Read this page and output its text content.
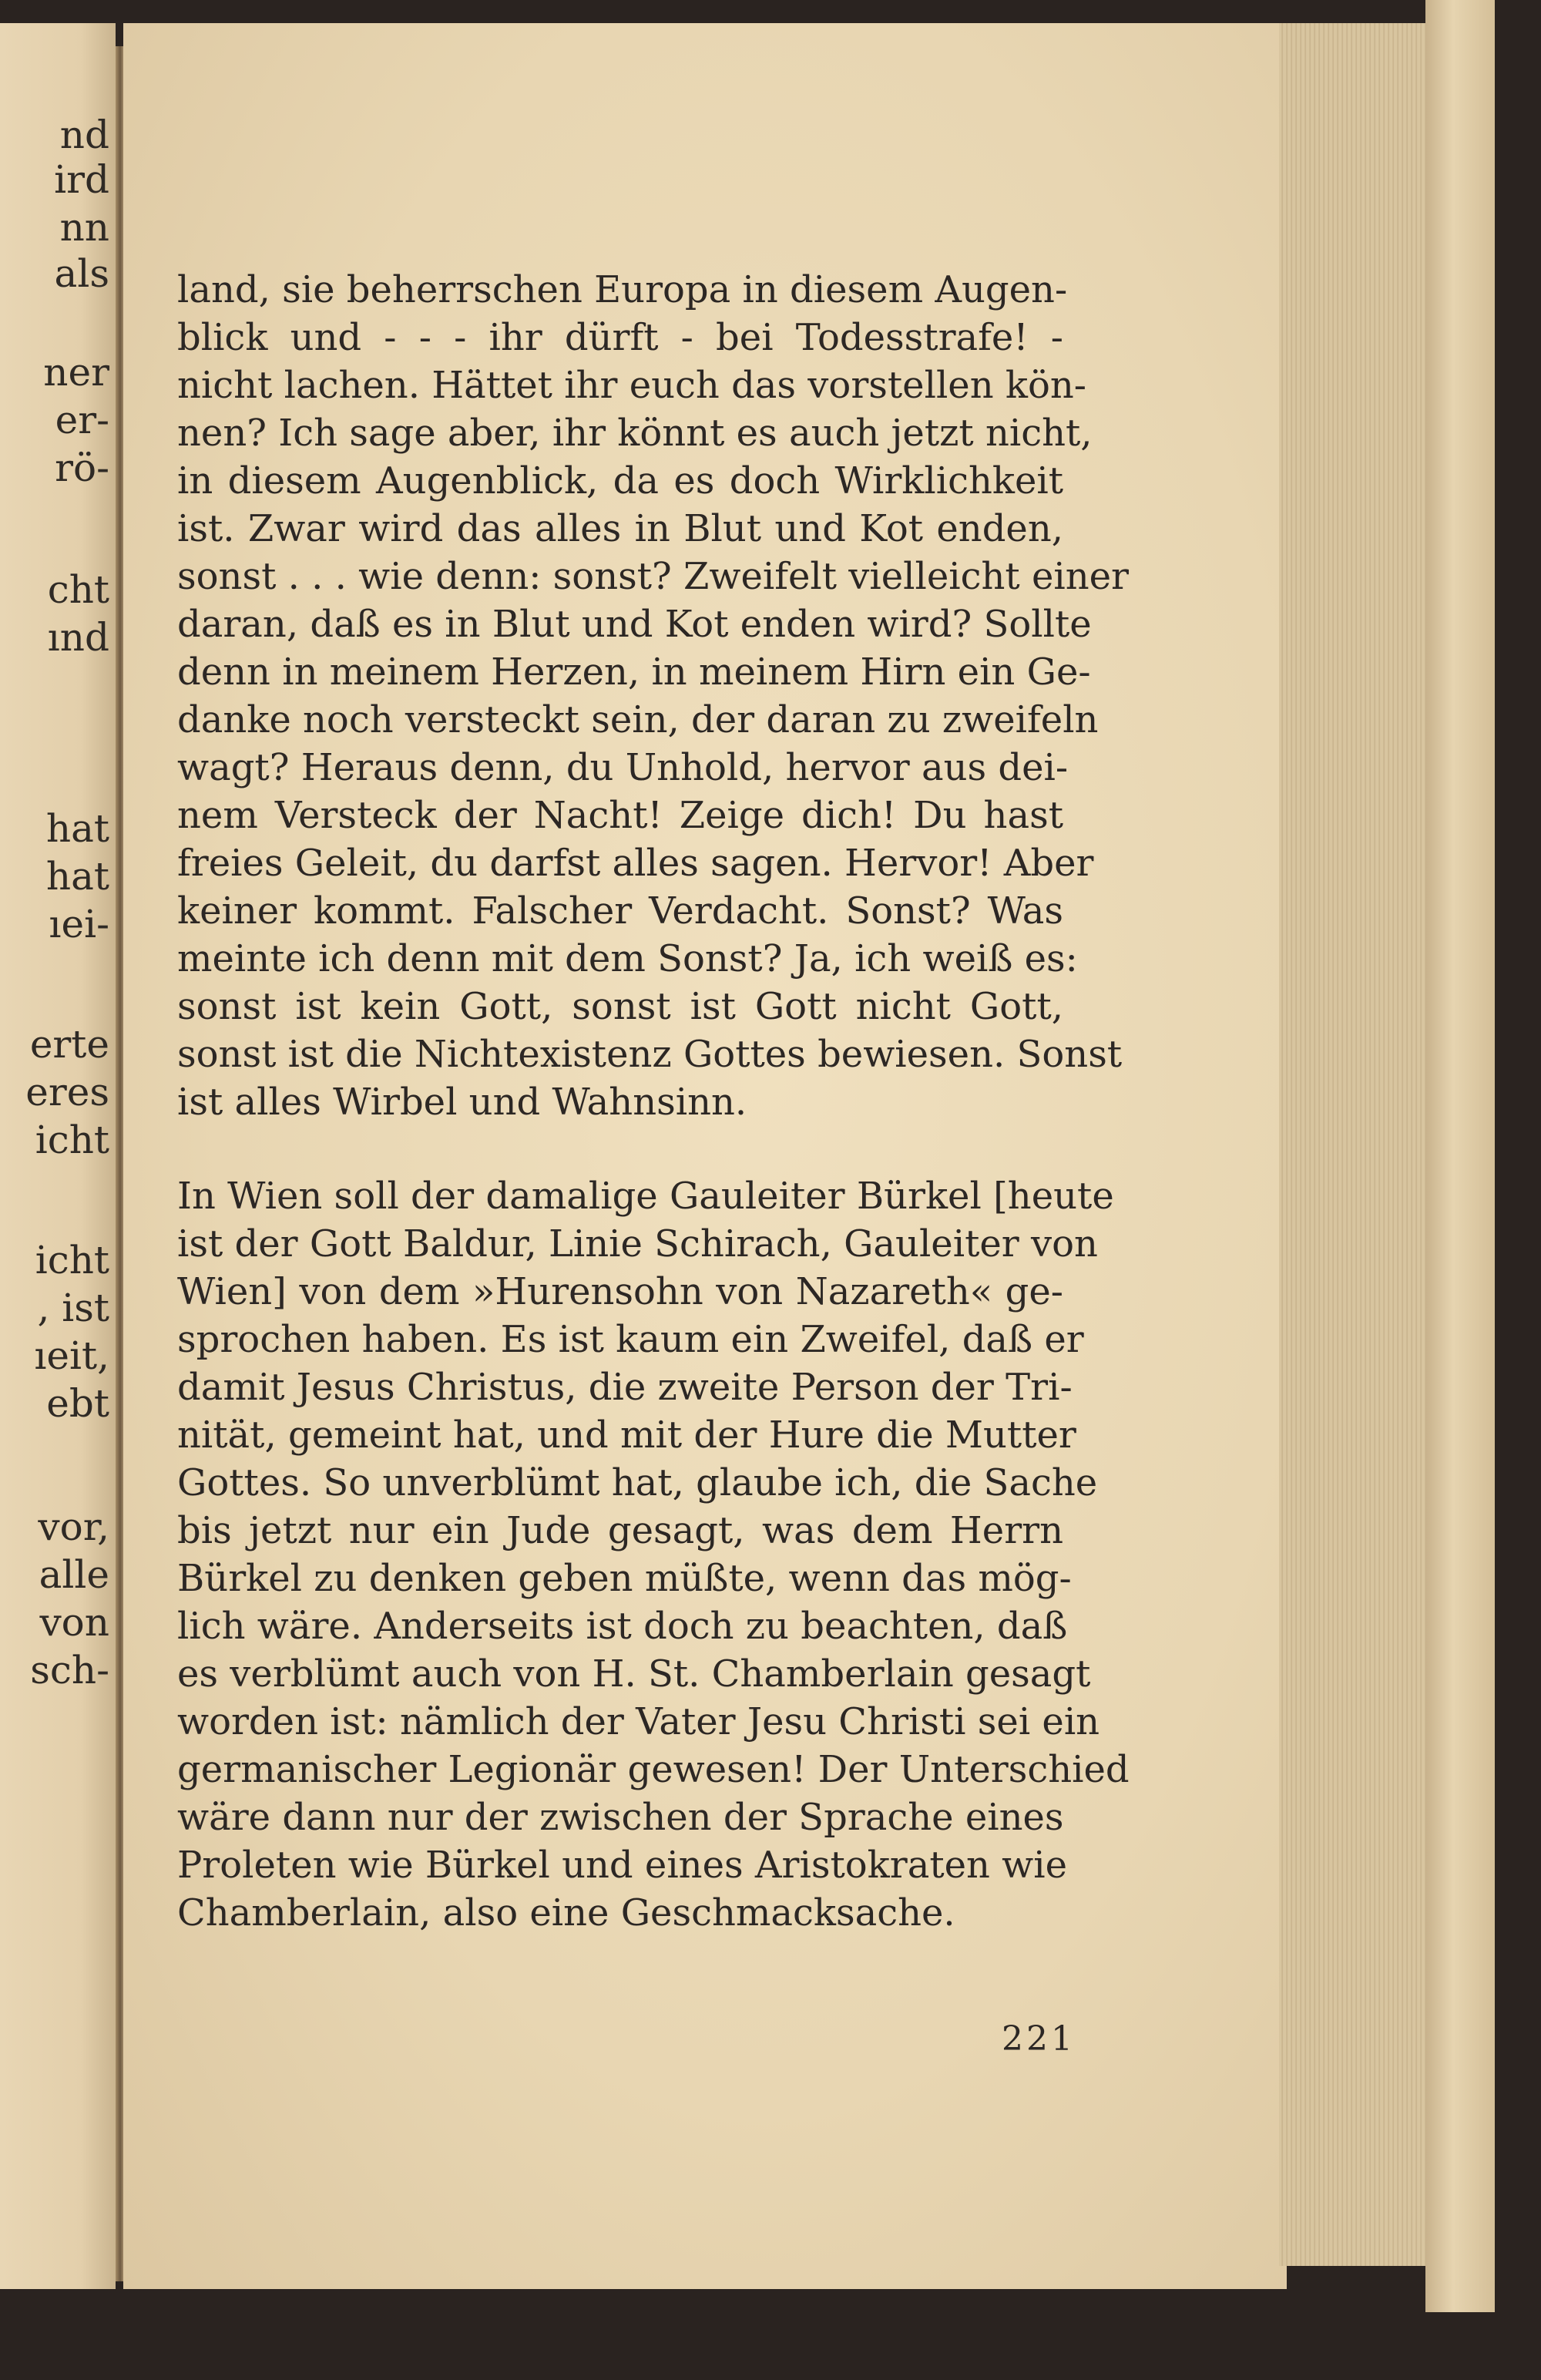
nd
ird
nn
als
ner
er-
rö-
cht
ınd
hat
hat
ıei-
erte
eres
icht
icht
, ist
ıeit,
ebt
vor,
alle
von
sch-
land, sie beherrschen Europa in diesem Augen-
blick und - - - ihr dürft - bei Todesstrafe! -
nicht lachen. Hättet ihr euch das vorstellen kön-
nen? Ich sage aber, ihr könnt es auch jetzt nicht,
in diesem Augenblick, da es doch Wirklichkeit
ist. Zwar wird das alles in Blut und Kot enden,
sonst . . . wie denn: sonst? Zweifelt vielleicht einer
daran, daß es in Blut und Kot enden wird? Sollte
denn in meinem Herzen, in meinem Hirn ein Ge-
danke noch versteckt sein, der daran zu zweifeln
wagt? Heraus denn, du Unhold, hervor aus dei-
nem Versteck der Nacht! Zeige dich! Du hast
freies Geleit, du darfst alles sagen. Hervor! Aber
keiner kommt. Falscher Verdacht. Sonst? Was
meinte ich denn mit dem Sonst? Ja, ich weiß es:
sonst ist kein Gott, sonst ist Gott nicht Gott,
sonst ist die Nichtexistenz Gottes bewiesen. Sonst
ist alles Wirbel und Wahnsinn.
In Wien soll der damalige Gauleiter Bürkel [heute
ist der Gott Baldur, Linie Schirach, Gauleiter von
Wien] von dem »Hurensohn von Nazareth« ge-
sprochen haben. Es ist kaum ein Zweifel, daß er
damit Jesus Christus, die zweite Person der Tri-
nität, gemeint hat, und mit der Hure die Mutter
Gottes. So unverblümt hat, glaube ich, die Sache
bis jetzt nur ein Jude gesagt, was dem Herrn
Bürkel zu denken geben müßte, wenn das mög-
lich wäre. Anderseits ist doch zu beachten, daß
es verblümt auch von H. St. Chamberlain gesagt
worden ist: nämlich der Vater Jesu Christi sei ein
germanischer Legionär gewesen! Der Unterschied
wäre dann nur der zwischen der Sprache eines
Proleten wie Bürkel und eines Aristokraten wie
Chamberlain, also eine Geschmacksache.
221
